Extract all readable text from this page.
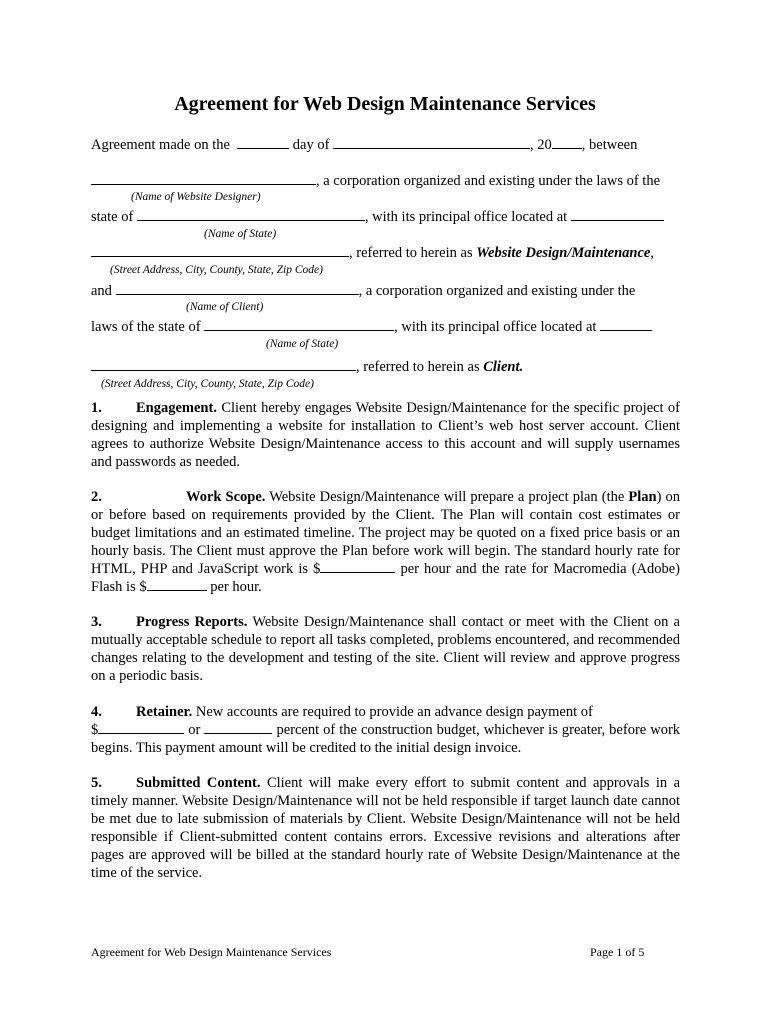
Agreement for Web Design Maintenance Services
Agreement made on the	day of	, 20 , between
, a corporation organized and existing under the laws of the
(Name of Website Designer)
state of	, with its principal office located at
(Name of State)
, referred to herein as Website Design/Maintenance,
(Street Address, City, County, State, Zip Code)
and	, a corporation organized and existing under the
(Name of Client)
laws of the state of	, with its principal office located at
(Name of State)
, referred to herein as Client.
(Street Address, City, County, State, Zip Code)

1. Engagement. Client hereby engages Website Design/Maintenance for the specific project of designing and implementing a website for installation to Client’s web host server account. Client agrees to authorize Website Design/Maintenance access to this account and will supply usernames and passwords as needed.

2.	Work Scope. Website Design/Maintenance will prepare a project plan (the Plan) on or before based on requirements provided by the Client. The Plan will contain cost estimates or budget limitations and an estimated timeline. The project may be quoted on a fixed price basis or an hourly basis. The Client must approve the Plan before work will begin. The standard hourly rate for HTML, PHP and JavaScript work is $	per hour and the rate for Macromedia (Adobe) Flash is $	per hour.

3. Progress Reports. Website Design/Maintenance shall contact or meet with the Client on a mutually acceptable schedule to report all tasks completed, problems encountered, and recommended changes relating to the development and testing of the site. Client will review and approve progress on a periodic basis.

4. Retainer. New accounts are required to provide an advance design payment of

$	or	percent of the construction budget, whichever is greater, before work begins. This payment amount will be credited to the initial design invoice.

5. Submitted Content. Client will make every effort to submit content and approvals in a timely manner. Website Design/Maintenance will not be held responsible if target launch date cannot be met due to late submission of materials by Client. Website Design/Maintenance will not be held responsible if Client-submitted content contains errors. Excessive revisions and alterations after pages are approved will be billed at the standard hourly rate of Website Design/Maintenance at the time of the service.

Agreement for Web Design Maintenance Services	Page 1 of 5
